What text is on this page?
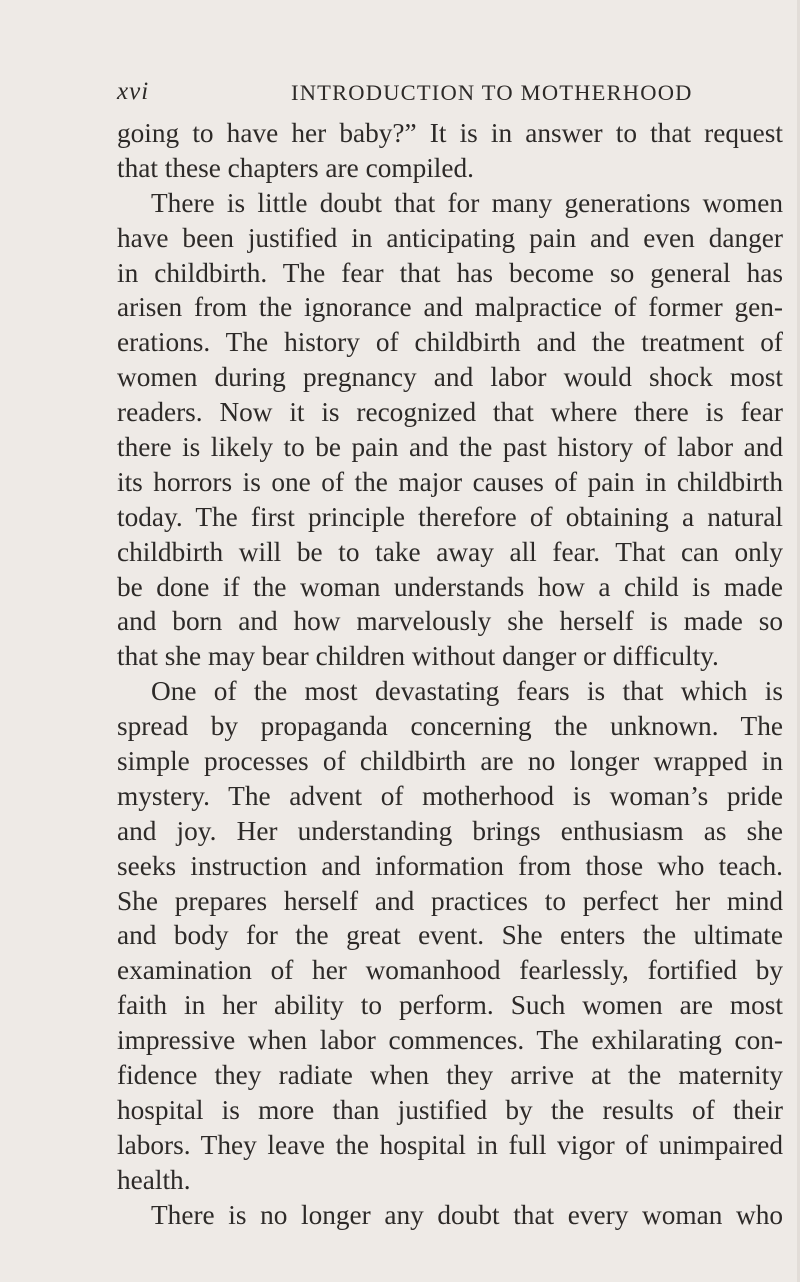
xvi	INTRODUCTION TO MOTHERHOOD
going to have her baby?” It is in answer to that request
that these chapters are compiled.
There is little doubt that for many generations women
have been justified in anticipating pain and even danger
in childbirth. The fear that has become so general has
arisen from the ignorance and malpractice of former gen-
erations. The history of childbirth and the treatment of
women during pregnancy and labor would shock most
readers. Now it is recognized that where there is fear
there is likely to be pain and the past history of labor and
its horrors is one of the major causes of pain in childbirth
today. The first principle therefore of obtaining a natural
childbirth will be to take away all fear. That can only
be done if the woman understands how a child is made
and born and how marvelously she herself is made so
that she may bear children without danger or difficulty.
One of the most devastating fears is that which is
spread by propaganda concerning the unknown. The
simple processes of childbirth are no longer wrapped in
mystery. The advent of motherhood is woman’s pride
and joy. Her understanding brings enthusiasm as she
seeks instruction and information from those who teach.
She prepares herself and practices to perfect her mind
and body for the great event. She enters the ultimate
examination of her womanhood fearlessly, fortified by
faith in her ability to perform. Such women are most
impressive when labor commences. The exhilarating con-
fidence they radiate when they arrive at the maternity
hospital is more than justified by the results of their
labors. They leave the hospital in full vigor of unimpaired
health.
There is no longer any doubt that every woman who
